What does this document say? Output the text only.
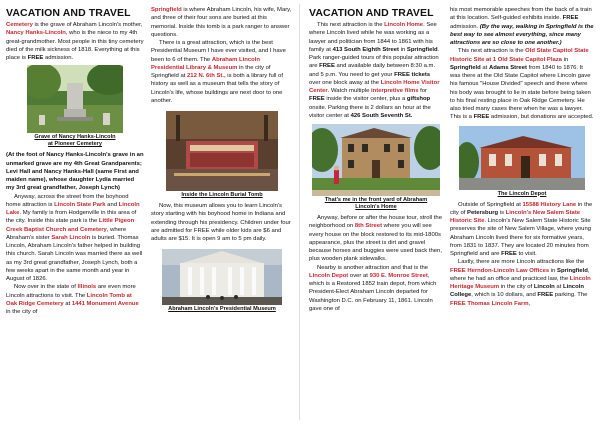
VACATION AND TRAVEL

Cemetery is the grave of Abraham Lincoln's mother, Nancy Hanks-Lincoln, who is the niece to my 4th great-grandmother. Most people in this tiny cemetery died of the milk sickness of 1818. Everything at this place is FREE admission.

Grave of Nancy Hanks-Lincoln
at Pioneer Cemetery

(At the foot of Nancy Hanks-Lincoln's grave in an unmarked grave are my 4th Great Grandparents; Levi Hall and Nancy Hanks-Hall (same First and maiden name), whose daughter Lydia married my 3rd great grandfather, Joseph Lynch)

Anyway, across the street from the boyhood home attraction is Lincoln State Park and Lincoln Lake. My family is from Hodgenville in this area of the city. Inside this state park is the Little Pigeon Creek Baptist Church and Cemetery, where Abraham's sister Sarah Lincoln is buried. Thomas Lincoln, Abraham Lincoln's father helped in building this church. Sarah Lincoln was married there as well as my 3rd great grandfather, Joseph Lynch, both a few weeks apart in the same month and year in August of 1826.

Now over in the state of Illinois are even more Lincoln attractions to visit. The Lincoln Tomb at Oak Ridge Cemetery at 1441 Monument Avenue in the city of

Springfield is where Abraham Lincoln, his wife, Mary, and three of their four sons are buried at this memorial. Inside this tomb is a park ranger to answer questions.

There is a great attraction, which is the best Presidential Museum I have ever visited, and I have been to 6 of them. The Abraham Lincoln Presidential Library & Museum in the city of Springfield at 212 N. 6th St., is both a library full of history as well as a museum that tells the story of Lincoln's life, whose buildings are next door to one another.

Inside the Lincoln Burial Tomb

Now, this museum allows you to learn Lincoln's story starting with his boyhood home in Indiana and extending through his presidency. Children under four are admitted for FREE while older kids are $6 and adults are $15. It is open 9 am to 5 pm daily.

Abraham Lincoln's Presidential Museum
VACATION AND TRAVEL

This next attraction is the Lincoln Home. See where Lincoln lived while he was working as a lawyer and politician from 1844 to 1861 with his family at 413 South Eighth Street in Springfield. Park ranger-guided tours of this popular attraction are FREE and available daily between 8:30 a.m. and 5 p.m. You need to get your FREE tickets over one block away at the Lincoln Home Visitor Center. Watch multiple interpretive films for FREE inside the visitor center, plus a giftshop onsite. Parking there is 2 dollars an hour at the visitor center at 426 South Seventh St.

That's me in the front yard of Abraham
Lincoln's Home

Anyway, before or after the house tour, stroll the neighborhood on 8th Street where you will see every house on the block restored to its mid-1800s appearance, plus the street is dirt and gravel because horses and buggies were used back then, plus wooden plank sidewalks.

Nearby is another attraction and that is the Lincoln Depot over at 930 E. Monroe Street, which is a Restored 1852 train depot, from which President-Elect Abraham Lincoln departed for Washington D.C. on February 11, 1861. Lincoln gave one of

his most memorable speeches from the back of a train at this location. Self-guided exhibits inside. FREE admission. (By the way, walking in Springfield is the best way to see almost everything, since many attractions are so close to one another.)

This next attraction is the Old State Capitol State Historic Site at 1 Old State Capitol Plaza in Springfield at Adams Street from 1840 to 1876. It was there at the Old State Capitol where Lincoln gave his famous "House Divided" speech and there where his body was brought to lie in state before being taken to his final resting place in Oak Ridge Cemetery. He also tried many cases there when he was a lawyer. This is a FREE admission, but donations are accepted.

The Lincoln Depot

Outside of Springfield at 15588 History Lane in the city of Petersburg is Lincoln's New Salem State Historic Site. Lincoln's New Salem State Historic Site preserves the site of New Salem Village, where young Abraham Lincoln lived there for six formative years, from 1831 to 1837. They are located 20 minutes from Springfield and are FREE to visit.

Lastly, there are more Lincoln attractions like the FREE Herndon-Lincoln Law Offices in Springfield, where he had an office and practiced law, the Lincoln Heritage Museum in the city of Lincoln at Lincoln College, which is 10 dollars, and FREE parking. The FREE Thomas Lincoln Farm,
